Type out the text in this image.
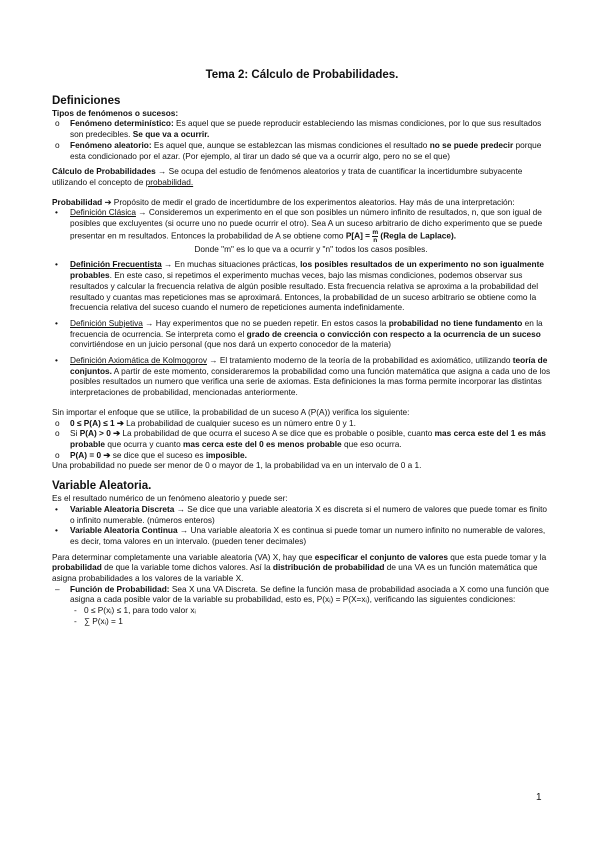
Tema 2: Cálculo de Probabilidades.
Definiciones

Tipos de fenómenos o sucesos:

o Fenómeno determinístico: Es aquel que se puede reproducir estableciendo las mismas condiciones, por lo que sus resultados son predecibles. Se que va a ocurrir.
o Fenómeno aleatorio: Es aquel que, aunque se establezcan las mismas condiciones el resultado no se puede predecir porque esta condicionado por el azar. (Por ejemplo, al tirar un dado sé que va a ocurrir algo, pero no se el que)

Cálculo de Probabilidades → Se ocupa del estudio de fenómenos aleatorios y trata de cuantificar la incertidumbre subyacente utilizando el concepto de probabilidad.

Probabilidad ➔ Propósito de medir el grado de incertidumbre de los experimentos aleatorios. Hay más de una interpretación:

• Definición Clásica → Consideremos un experimento en el que son posibles un número infinito de resultados, n, que son igual de posibles que excluyentes (si ocurre uno no puede ocurrir el otro). Sea A un suceso arbitrario de dicho experimento que se puede presentar en m resultados. Entonces la probabilidad de A se obtiene como $P[A] = \frac{m}{n}$ (Regla de Laplace).
Donde "m" es lo que va a ocurrir y "n" todos los casos posibles.
• Definición Frecuentista → En muchas situaciones prácticas, los posibles resultados de un experimento no son igualmente probables. En este caso, si repetimos el experimento muchas veces, bajo las mismas condiciones, podemos observar sus resultados y calcular la frecuencia relativa de algún posible resultado. Esta frecuencia relativa se aproxima a la probabilidad del resultado y cuantas mas repeticiones mas se aproximará. Entonces, la probabilidad de un suceso arbitrario se obtiene como la frecuencia relativa del suceso cuando el numero de repeticiones aumenta indefinidamente.
• Definición Subjetiva → Hay experimentos que no se pueden repetir. En estos casos la probabilidad no tiene fundamento en la frecuencia de ocurrencia. Se interpreta como el grado de creencia o convicción con respecto a la ocurrencia de un suceso convirtiéndose en un juicio personal (que nos dará un experto conocedor de la materia)
• Definición Axiomática de Kolmogorov → El tratamiento moderno de la teoría de la probabilidad es axiomático, utilizando teoría de conjuntos. A partir de este momento, consideraremos la probabilidad como una función matemática que asigna a cada uno de los posibles resultados un numero que verifica una serie de axiomas. Esta definiciones la mas forma permite incorporar las distintas interpretaciones de probabilidad, mencionadas anteriormente.

Sin importar el enfoque que se utilice, la probabilidad de un suceso A (P(A)) verifica los siguiente:

o 0 ≤ P(A) ≤ 1 ➔ La probabilidad de cualquier suceso es un número entre 0 y 1.
o Si P(A) > 0 ➔ La probabilidad de que ocurra el suceso A se dice que es probable o posible, cuanto mas cerca este del 1 es más probable que ocurra y cuanto mas cerca este del 0 es menos probable que eso ocurra.
o P(A) = 0 ➔ se dice que el suceso es imposible.

Una probabilidad no puede ser menor de 0 o mayor de 1, la probabilidad va en un intervalo de 0 a 1.

Variable Aleatoria.

Es el resultado numérico de un fenómeno aleatorio y puede ser:

• Variable Aleatoria Discreta → Se dice que una variable aleatoria X es discreta si el numero de valores que puede tomar es finito o infinito numerable. (números enteros)
• Variable Aleatoria Continua → Una variable aleatoria X es continua si puede tomar un numero infinito no numerable de valores, es decir, toma valores en un intervalo. (pueden tener decimales)

Para determinar completamente una variable aleatoria (VA) X, hay que especificar el conjunto de valores que esta puede tomar y la probabilidad de que la variable tome dichos valores. Así la distribución de probabilidad de una VA es un función matemática que asigna probabilidades a los valores de la variable X.

– Función de Probabilidad: Sea X una VA Discreta. Se define la función masa de probabilidad asociada a X como una función que asigna a cada posible valor de la variable su probabilidad, esto es, P(xᵢ) = P(X=xᵢ), verificando las siguientes condiciones:
- 0 ≤ P(xᵢ) ≤ 1, para todo valor xᵢ
- ∑ P(xᵢ) = 1
1
